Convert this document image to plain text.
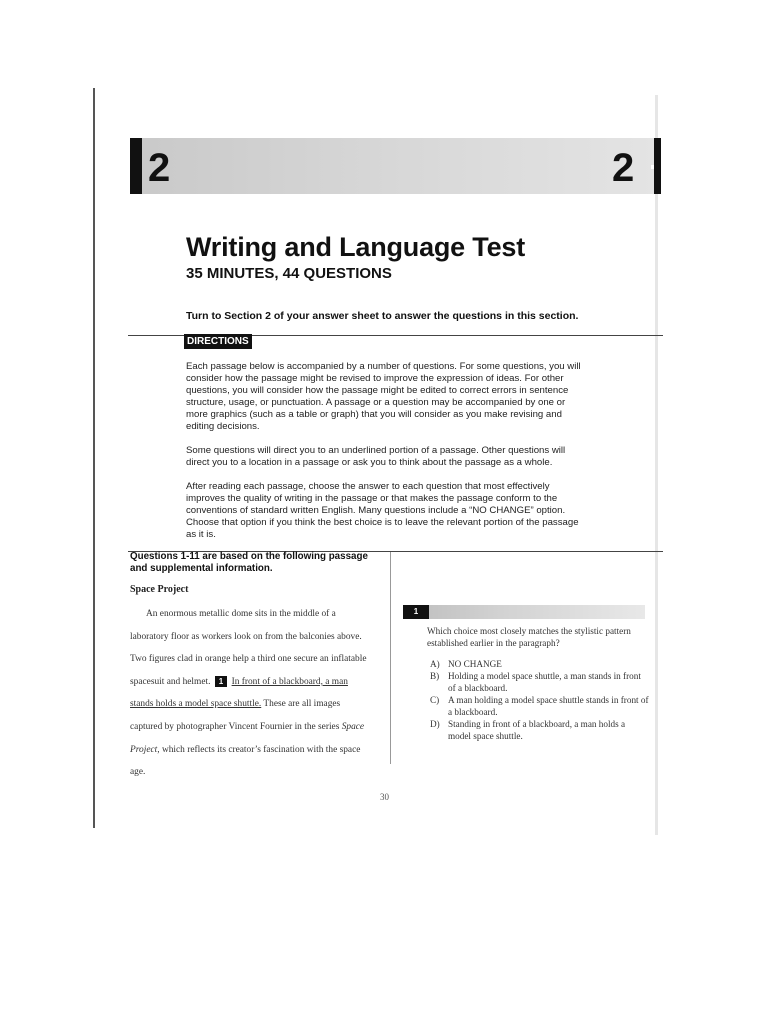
2	2
Writing and Language Test
35 MINUTES, 44 QUESTIONS
Turn to Section 2 of your answer sheet to answer the questions in this section.
DIRECTIONS

Each passage below is accompanied by a number of questions. For some questions, you will consider how the passage might be revised to improve the expression of ideas. For other questions, you will consider how the passage might be edited to correct errors in sentence structure, usage, or punctuation. A passage or a question may be accompanied by one or more graphics (such as a table or graph) that you will consider as you make revising and editing decisions.

Some questions will direct you to an underlined portion of a passage. Other questions will direct you to a location in a passage or ask you to think about the passage as a whole.

After reading each passage, choose the answer to each question that most effectively improves the quality of writing in the passage or that makes the passage conform to the conventions of standard written English. Many questions include a “NO CHANGE” option. Choose that option if you think the best choice is to leave the relevant portion of the passage as it is.

Questions 1-11 are based on the following passage and supplemental information.

Space Project

An enormous metallic dome sits in the middle of a laboratory floor as workers look on from the balconies above. Two figures clad in orange help a third one secure an inflatable spacesuit and helmet. 1 In front of a blackboard, a man stands holds a model space shuttle. These are all images captured by photographer Vincent Fournier in the series Space Project, which reflects its creator’s fascination with the space age.

1

Which choice most closely matches the stylistic pattern established earlier in the paragraph?

A) NO CHANGE
B) Holding a model space shuttle, a man stands in front of a blackboard.
C) A man holding a model space shuttle stands in front of a blackboard.
D) Standing in front of a blackboard, a man holds a model space shuttle.
30
